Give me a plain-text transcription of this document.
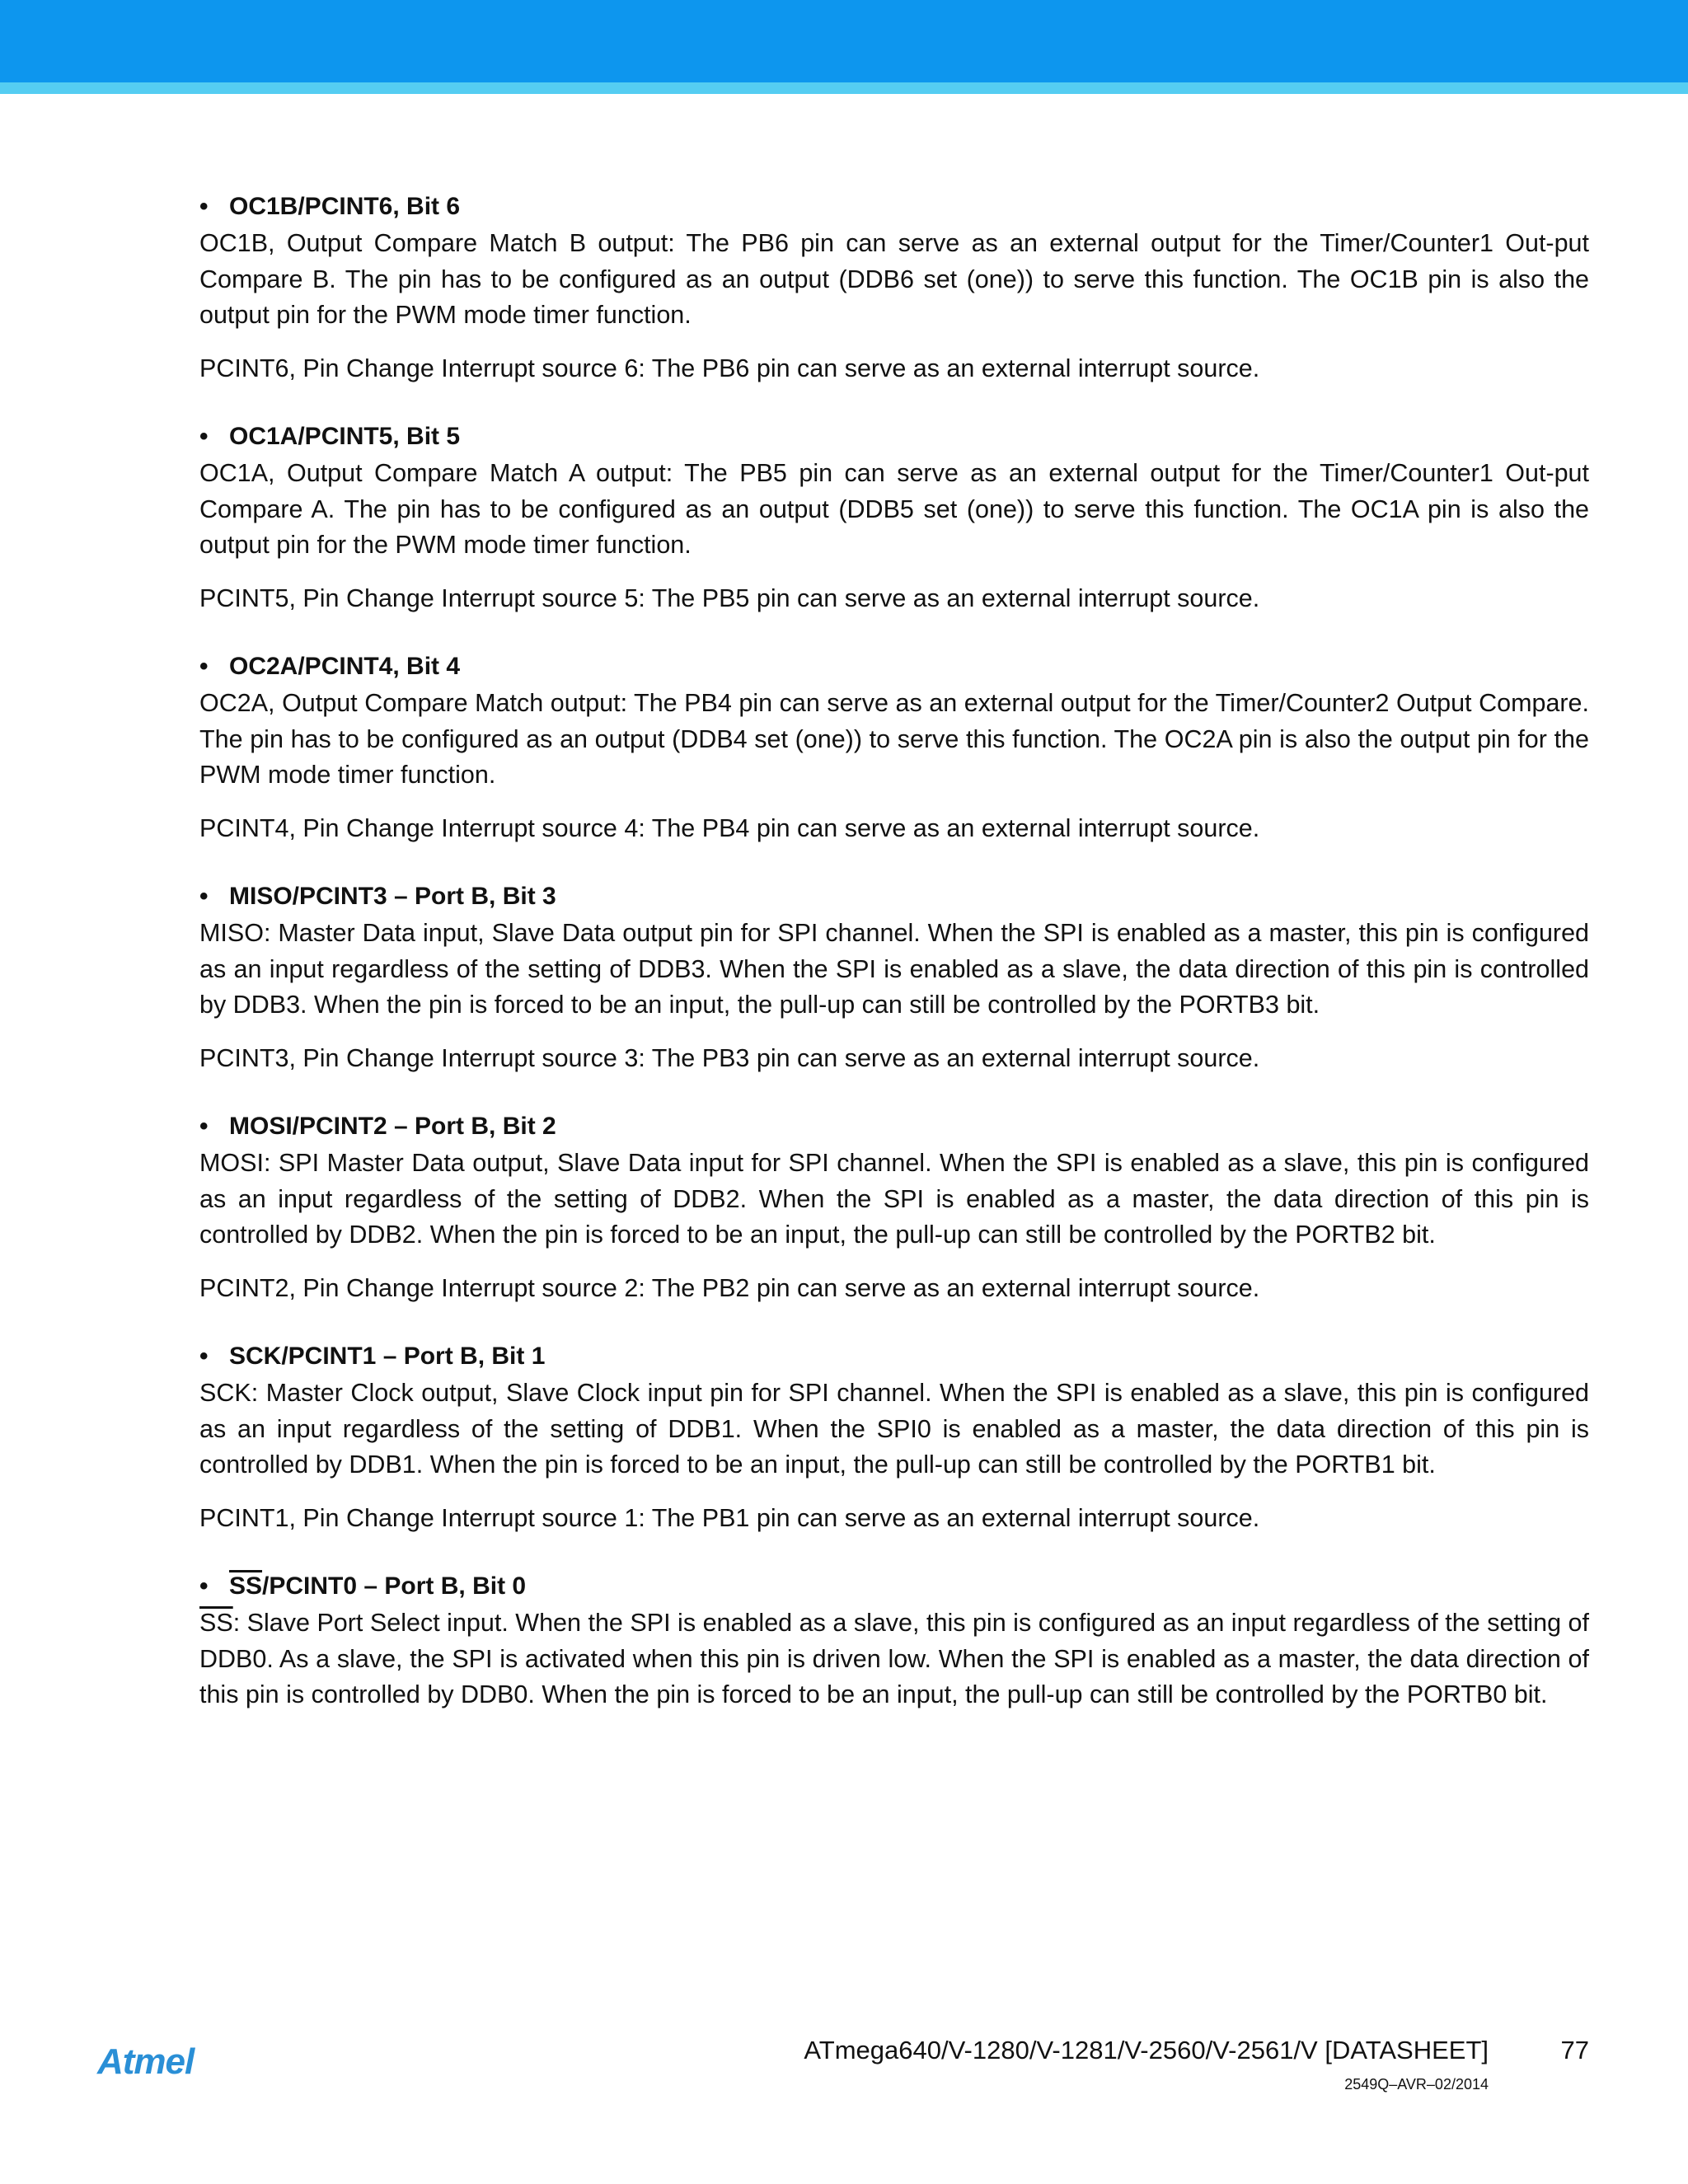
• OC1B/PCINT6, Bit 6

OC1B, Output Compare Match B output: The PB6 pin can serve as an external output for the Timer/Counter1 Out-put Compare B. The pin has to be configured as an output (DDB6 set (one)) to serve this function. The OC1B pin is also the output pin for the PWM mode timer function.

PCINT6, Pin Change Interrupt source 6: The PB6 pin can serve as an external interrupt source.

• OC1A/PCINT5, Bit 5

OC1A, Output Compare Match A output: The PB5 pin can serve as an external output for the Timer/Counter1 Out-put Compare A. The pin has to be configured as an output (DDB5 set (one)) to serve this function. The OC1A pin is also the output pin for the PWM mode timer function.

PCINT5, Pin Change Interrupt source 5: The PB5 pin can serve as an external interrupt source.

• OC2A/PCINT4, Bit 4

OC2A, Output Compare Match output: The PB4 pin can serve as an external output for the Timer/Counter2 Output Compare. The pin has to be configured as an output (DDB4 set (one)) to serve this function. The OC2A pin is also the output pin for the PWM mode timer function.

PCINT4, Pin Change Interrupt source 4: The PB4 pin can serve as an external interrupt source.

• MISO/PCINT3 – Port B, Bit 3

MISO: Master Data input, Slave Data output pin for SPI channel. When the SPI is enabled as a master, this pin is configured as an input regardless of the setting of DDB3. When the SPI is enabled as a slave, the data direction of this pin is controlled by DDB3. When the pin is forced to be an input, the pull-up can still be controlled by the PORTB3 bit.

PCINT3, Pin Change Interrupt source 3: The PB3 pin can serve as an external interrupt source.

• MOSI/PCINT2 – Port B, Bit 2

MOSI: SPI Master Data output, Slave Data input for SPI channel. When the SPI is enabled as a slave, this pin is configured as an input regardless of the setting of DDB2. When the SPI is enabled as a master, the data direction of this pin is controlled by DDB2. When the pin is forced to be an input, the pull-up can still be controlled by the PORTB2 bit.

PCINT2, Pin Change Interrupt source 2: The PB2 pin can serve as an external interrupt source.

• SCK/PCINT1 – Port B, Bit 1

SCK: Master Clock output, Slave Clock input pin for SPI channel. When the SPI is enabled as a slave, this pin is configured as an input regardless of the setting of DDB1. When the SPI0 is enabled as a master, the data direction of this pin is controlled by DDB1. When the pin is forced to be an input, the pull-up can still be controlled by the PORTB1 bit.

PCINT1, Pin Change Interrupt source 1: The PB1 pin can serve as an external interrupt source.

• $\overline{SS}/PCINT0$ – Port B, Bit 0

$\overline{SS}$: Slave Port Select input. When the SPI is enabled as a slave, this pin is configured as an input regardless of the setting of DDB0. As a slave, the SPI is activated when this pin is driven low. When the SPI is enabled as a master, the data direction of this pin is controlled by DDB0. When the pin is forced to be an input, the pull-up can still be controlled by the PORTB0 bit.

Atmel	ATmega640/V-1280/V-1281/V-2560/V-2561/V [DATASHEET]	77
2549Q–AVR–02/2014
